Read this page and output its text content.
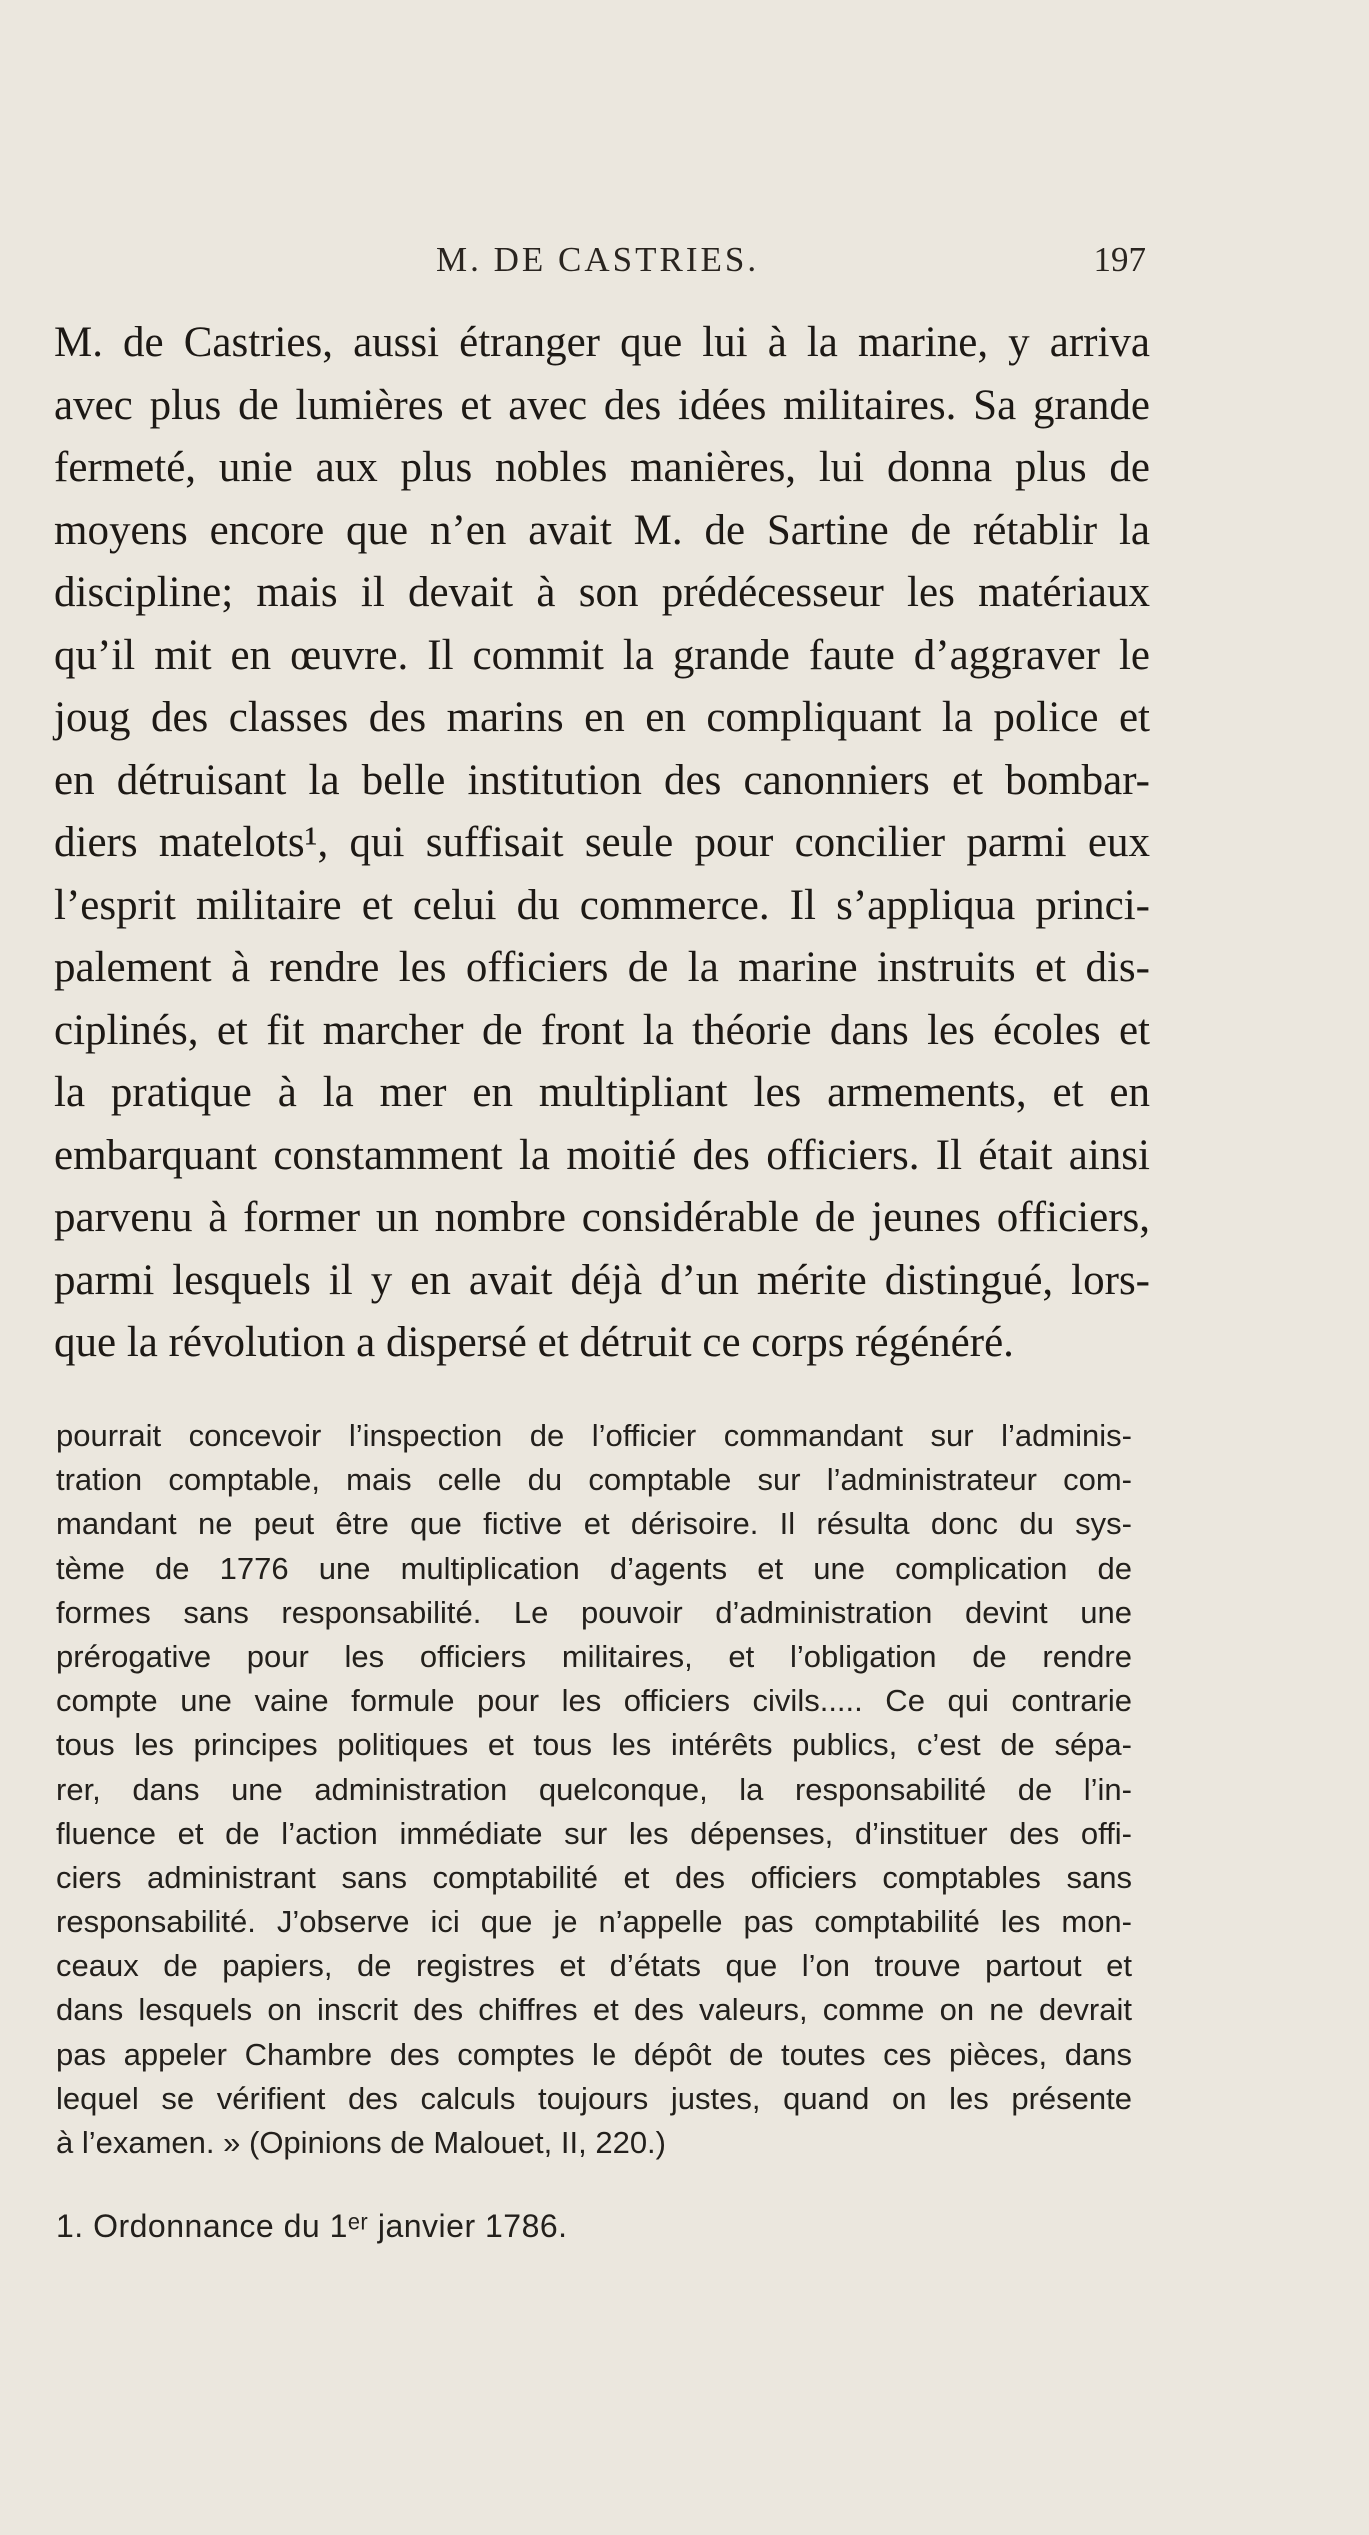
M. DE CASTRIES.	197
M. de Castries, aussi étranger que lui à la marine, y arriva
avec plus de lumières et avec des idées militaires. Sa grande
fermeté, unie aux plus nobles manières, lui donna plus de
moyens encore que n’en avait M. de Sartine de rétablir la
discipline; mais il devait à son prédécesseur les matériaux
qu’il mit en œuvre. Il commit la grande faute d’aggraver le
joug des classes des marins en en compliquant la police et
en détruisant la belle institution des canonniers et bombar-
diers matelots¹, qui suffisait seule pour concilier parmi eux
l’esprit militaire et celui du commerce. Il s’appliqua princi-
palement à rendre les officiers de la marine instruits et dis-
ciplinés, et fit marcher de front la théorie dans les écoles et
la pratique à la mer en multipliant les armements, et en
embarquant constamment la moitié des officiers. Il était ainsi
parvenu à former un nombre considérable de jeunes officiers,
parmi lesquels il y en avait déjà d’un mérite distingué, lors-
que la révolution a dispersé et détruit ce corps régénéré.
pourrait concevoir l’inspection de l’officier commandant sur l’adminis-
tration comptable, mais celle du comptable sur l’administrateur com-
mandant ne peut être que fictive et dérisoire. Il résulta donc du sys-
tème de 1776 une multiplication d’agents et une complication de
formes sans responsabilité. Le pouvoir d’administration devint une
prérogative pour les officiers militaires, et l’obligation de rendre
compte une vaine formule pour les officiers civils..... Ce qui contrarie
tous les principes politiques et tous les intérêts publics, c’est de sépa-
rer, dans une administration quelconque, la responsabilité de l’in-
fluence et de l’action immédiate sur les dépenses, d’instituer des offi-
ciers administrant sans comptabilité et des officiers comptables sans
responsabilité. J’observe ici que je n’appelle pas comptabilité les mon-
ceaux de papiers, de registres et d’états que l’on trouve partout et
dans lesquels on inscrit des chiffres et des valeurs, comme on ne devrait
pas appeler Chambre des comptes le dépôt de toutes ces pièces, dans
lequel se vérifient des calculs toujours justes, quand on les présente
à l’examen. » (Opinions de Malouet, II, 220.)
1. Ordonnance du 1ᵉʳ janvier 1786.
